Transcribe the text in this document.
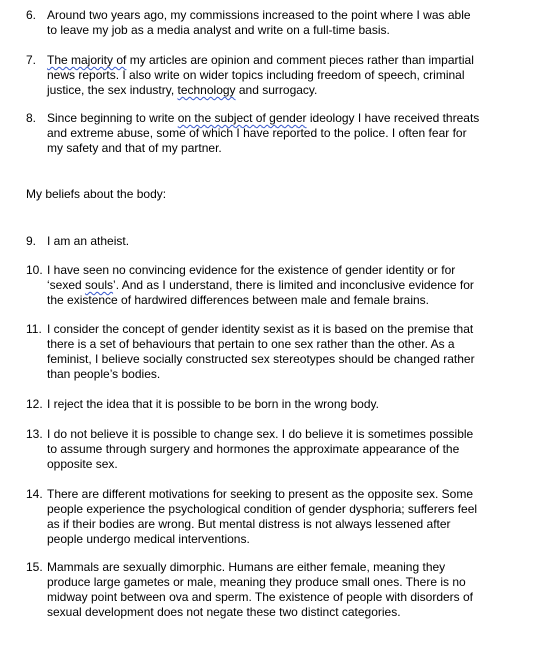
6. Around two years ago, my commissions increased to the point where I was able to leave my job as a media analyst and write on a full-time basis.
7. The majority of my articles are opinion and comment pieces rather than impartial news reports. I also write on wider topics including freedom of speech, criminal justice, the sex industry, technology and surrogacy.
8. Since beginning to write on the subject of gender ideology I have received threats and extreme abuse, some of which I have reported to the police. I often fear for my safety and that of my partner.
My beliefs about the body:
9. I am an atheist.
10. I have seen no convincing evidence for the existence of gender identity or for ‘sexed souls’. And as I understand, there is limited and inconclusive evidence for the existence of hardwired differences between male and female brains.
11. I consider the concept of gender identity sexist as it is based on the premise that there is a set of behaviours that pertain to one sex rather than the other. As a feminist, I believe socially constructed sex stereotypes should be changed rather than people’s bodies.
12. I reject the idea that it is possible to be born in the wrong body.
13. I do not believe it is possible to change sex. I do believe it is sometimes possible to assume through surgery and hormones the approximate appearance of the opposite sex.
14. There are different motivations for seeking to present as the opposite sex. Some people experience the psychological condition of gender dysphoria; sufferers feel as if their bodies are wrong. But mental distress is not always lessened after people undergo medical interventions.
15. Mammals are sexually dimorphic. Humans are either female, meaning they produce large gametes or male, meaning they produce small ones. There is no midway point between ova and sperm. The existence of people with disorders of sexual development does not negate these two distinct categories.
